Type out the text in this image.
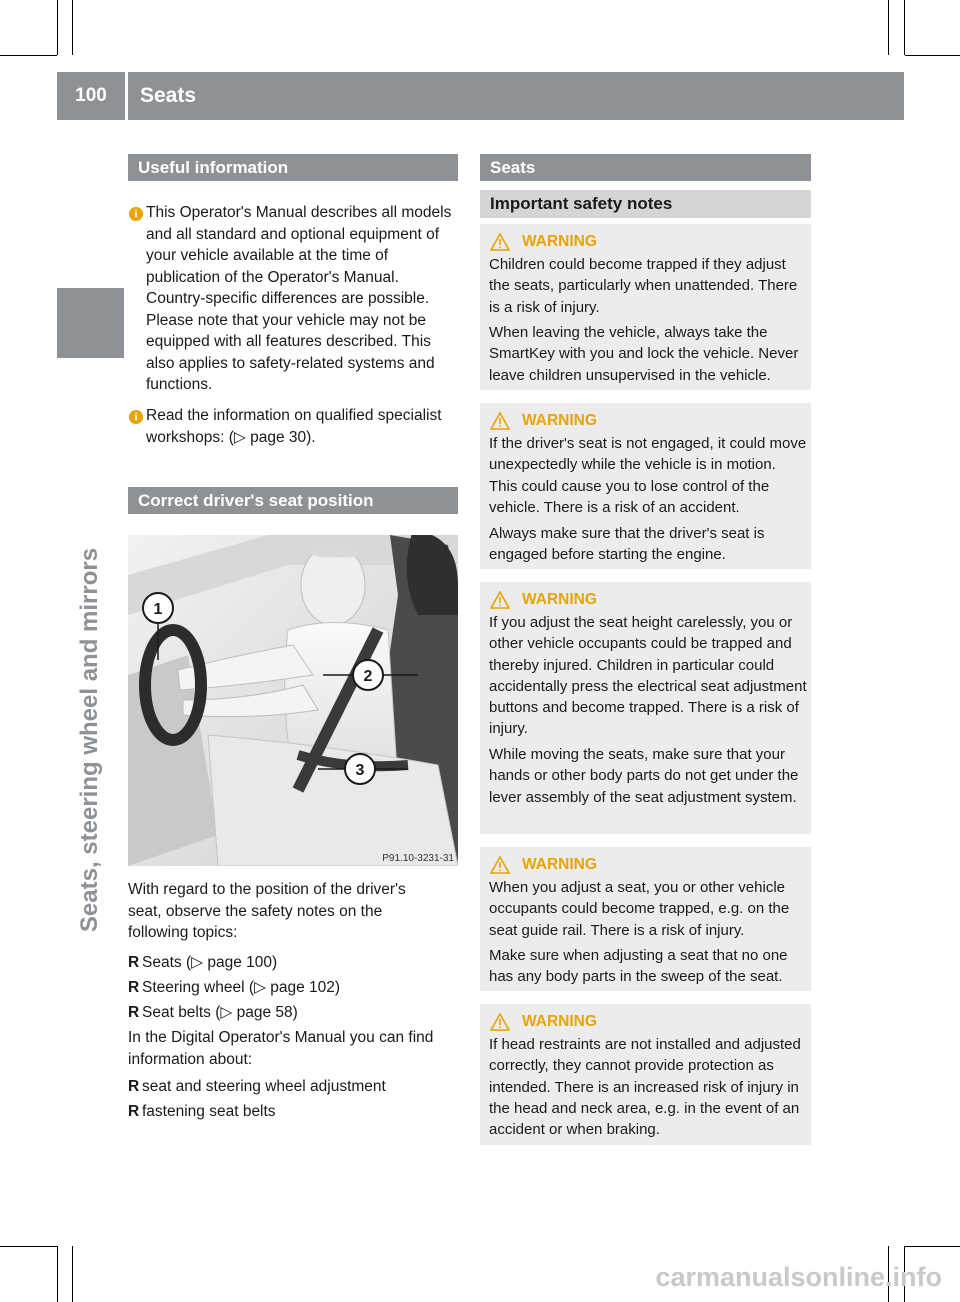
100	Seats
Seats, steering wheel and mirrors
Useful information
i This Operator's Manual describes all models and all standard and optional equipment of your vehicle available at the time of publication of the Operator's Manual. Country-specific differences are possible. Please note that your vehicle may not be equipped with all features described. This also applies to safety-related systems and functions.
i Read the information on qualified specialist workshops: (▷ page 30).
Correct driver's seat position
1
2
3
P91.10-3231-31
With regard to the position of the driver's seat, observe the safety notes on the following topics:
R Seats (▷ page 100)
R Steering wheel (▷ page 102)
R Seat belts (▷ page 58)
In the Digital Operator's Manual you can find information about:
R seat and steering wheel adjustment
R fastening seat belts
Seats
Important safety notes
WARNING
Children could become trapped if they adjust the seats, particularly when unattended. There is a risk of injury.
When leaving the vehicle, always take the SmartKey with you and lock the vehicle. Never leave children unsupervised in the vehicle.
WARNING
If the driver's seat is not engaged, it could move unexpectedly while the vehicle is in motion. This could cause you to lose control of the vehicle. There is a risk of an accident.
Always make sure that the driver's seat is engaged before starting the engine.
WARNING
If you adjust the seat height carelessly, you or other vehicle occupants could be trapped and thereby injured. Children in particular could accidentally press the electrical seat adjustment buttons and become trapped. There is a risk of injury.
While moving the seats, make sure that your hands or other body parts do not get under the lever assembly of the seat adjustment system.
WARNING
When you adjust a seat, you or other vehicle occupants could become trapped, e.g. on the seat guide rail. There is a risk of injury.
Make sure when adjusting a seat that no one has any body parts in the sweep of the seat.
WARNING
If head restraints are not installed and adjusted correctly, they cannot provide protection as intended. There is an increased risk of injury in the head and neck area, e.g. in the event of an accident or when braking.
carmanualsonline.info
